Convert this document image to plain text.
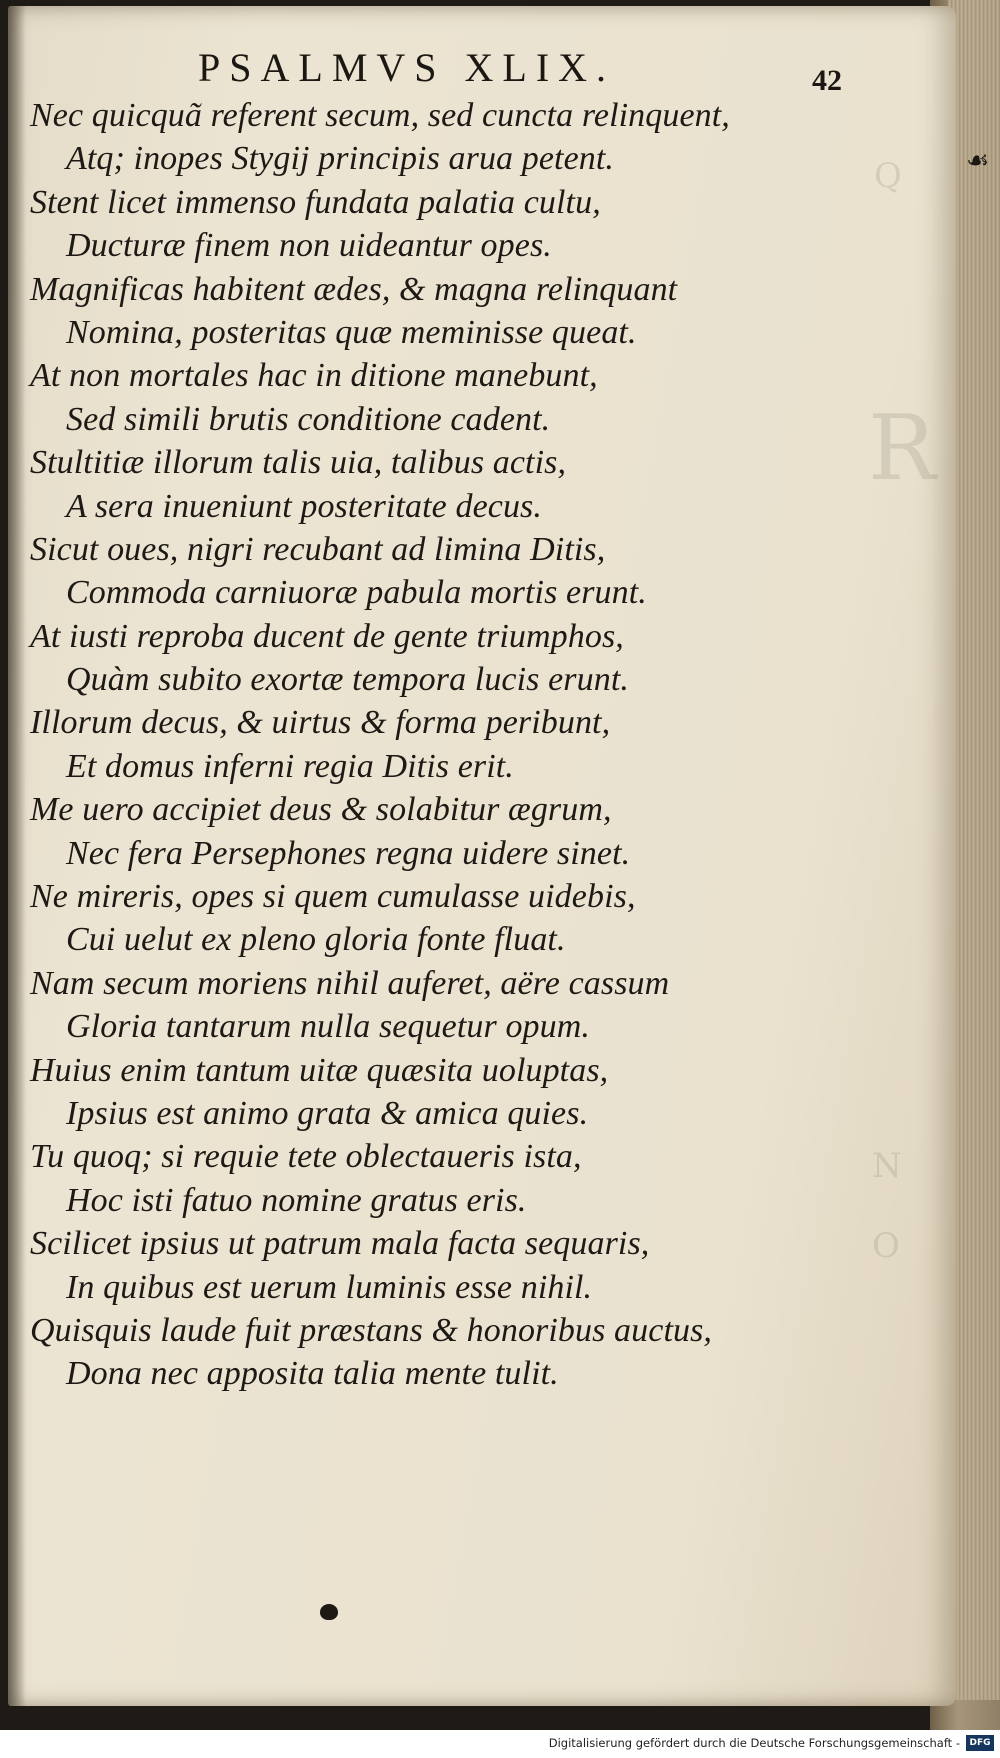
R
Q
N
O
PSALMVS XLIX.	42
☙
Nec quicquã referent secum, sed cuncta relinquent,
Atq; inopes Stygij principis arua petent.
Stent licet immenso fundata palatia cultu,
Ducturæ finem non uideantur opes.
Magnificas habitent ædes, & magna relinquant
Nomina, posteritas quæ meminisse queat.
At non mortales hac in ditione manebunt,
Sed simili brutis conditione cadent.
Stultitiæ illorum talis uia, talibus actis,
A sera inueniunt posteritate decus.
Sicut oues, nigri recubant ad limina Ditis,
Commoda carniuoræ pabula mortis erunt.
At iusti reproba ducent de gente triumphos,
Quàm subito exortæ tempora lucis erunt.
Illorum decus, & uirtus & forma peribunt,
Et domus inferni regia Ditis erit.
Me uero accipiet deus & solabitur ægrum,
Nec fera Persephones regna uidere sinet.
Ne mireris, opes si quem cumulasse uidebis,
Cui uelut ex pleno gloria fonte fluat.
Nam secum moriens nihil auferet, aëre cassum
Gloria tantarum nulla sequetur opum.
Huius enim tantum uitæ quæsita uoluptas,
Ipsius est animo grata & amica quies.
Tu quoq; si requie tete oblectaueris ista,
Hoc isti fatuo nomine gratus eris.
Scilicet ipsius ut patrum mala facta sequaris,
In quibus est uerum luminis esse nihil.
Quisquis laude fuit præstans & honoribus auctus,
Dona nec apposita talia mente tulit.
Digitalisierung gefördert durch die Deutsche Forschungsgemeinschaft -	DFG
